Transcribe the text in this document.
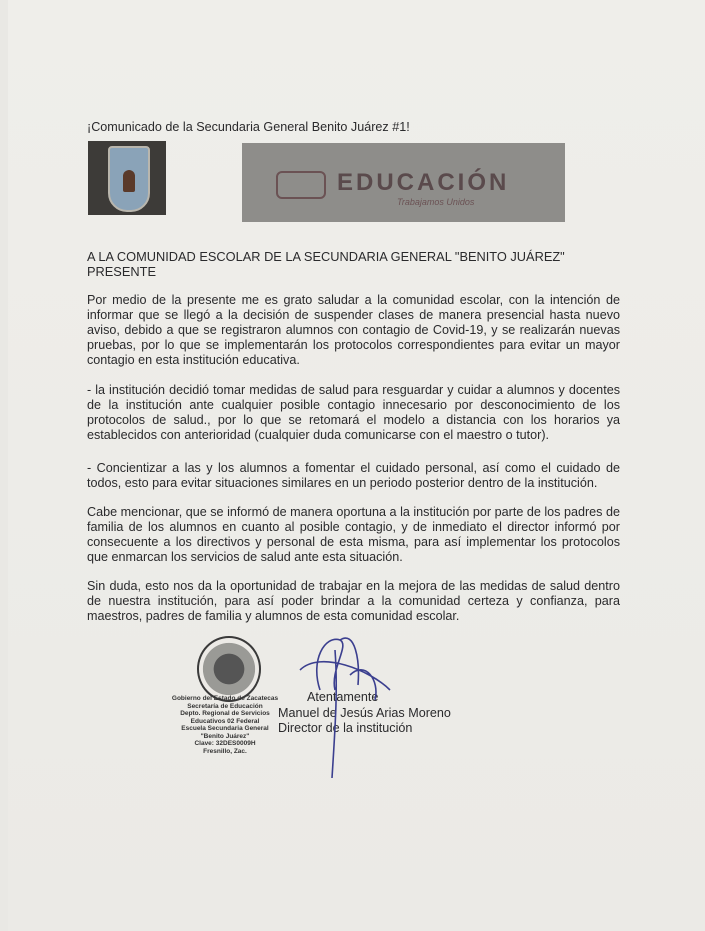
¡Comunicado de la Secundaria General Benito Juárez #1!
EDUCACIÓN
Trabajamos Unidos
A LA COMUNIDAD ESCOLAR DE LA SECUNDARIA GENERAL "BENITO JUÁREZ"
PRESENTE
Por medio de la presente me es grato saludar a la comunidad escolar, con la intención de informar que se llegó a la decisión de suspender clases de manera presencial hasta nuevo aviso, debido a que se registraron alumnos con contagio de Covid-19, y se realizarán nuevas pruebas, por lo que se implementarán los protocolos correspondientes para evitar un mayor contagio en esta institución educativa.
- la institución decidió tomar medidas de salud para resguardar y cuidar a alumnos y docentes de la institución ante cualquier posible contagio innecesario por desconocimiento de los protocolos de salud., por lo que se retomará el modelo a distancia con los horarios ya establecidos con anterioridad (cualquier duda comunicarse con el maestro o tutor).
- Concientizar a las y los alumnos a fomentar el cuidado personal, así como el cuidado de todos, esto para evitar situaciones similares en un periodo posterior dentro de la institución.
Cabe mencionar, que se informó de manera oportuna a la institución por parte de los padres de familia de los alumnos en cuanto al posible contagio, y de inmediato el director informó por consecuente a los directivos y personal de esta misma, para así implementar los protocolos que enmarcan los servicios de salud ante esta situación.
Sin duda, esto nos da la oportunidad de trabajar en la mejora de las medidas de salud dentro de nuestra institución, para así poder brindar a la comunidad certeza y confianza, para maestros, padres de familia y alumnos de esta comunidad escolar.
Gobierno del Estado de Zacatecas
Secretaría de Educación
Depto. Regional de Servicios
Educativos 02 Federal
Escuela Secundaria General
"Benito Juárez"
Clave: 32DES0009H
Fresnillo, Zac.
Atentamente
Manuel de Jesús Arias Moreno
Director de la institución
